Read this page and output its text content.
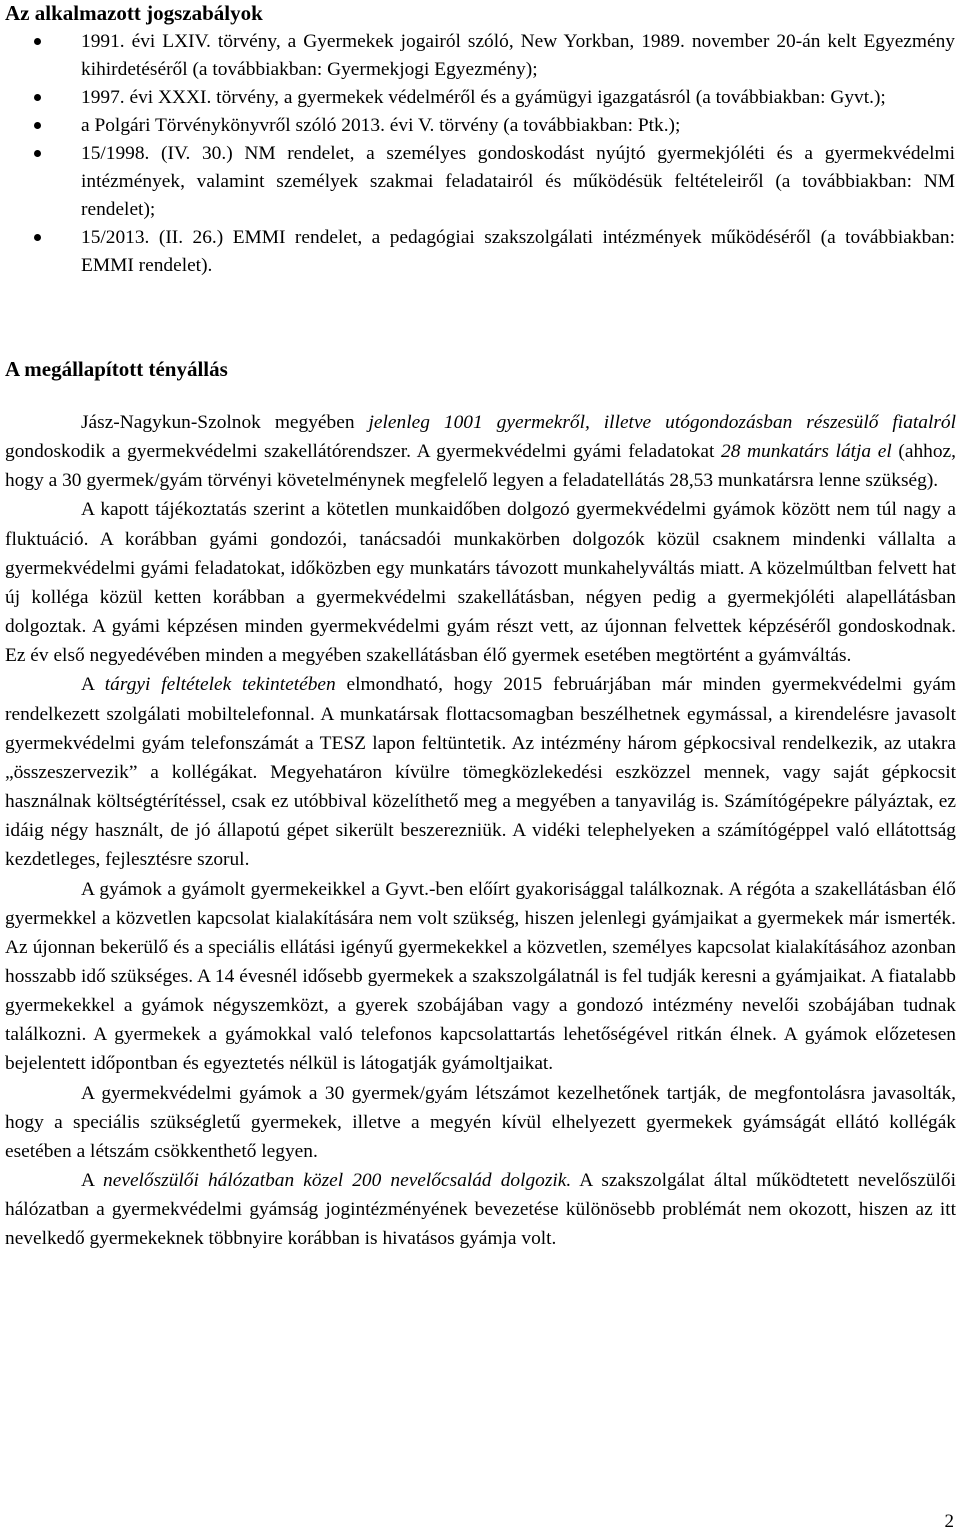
Az alkalmazott jogszabályok
1991. évi LXIV. törvény, a Gyermekek jogairól szóló, New Yorkban, 1989. november 20-án kelt Egyezmény kihirdetéséről (a továbbiakban: Gyermekjogi Egyezmény);
1997. évi XXXI. törvény, a gyermekek védelméről és a gyámügyi igazgatásról (a továbbiakban: Gyvt.);
a Polgári Törvénykönyvről szóló 2013. évi V. törvény (a továbbiakban: Ptk.);
15/1998. (IV. 30.) NM rendelet, a személyes gondoskodást nyújtó gyermekjóléti és a gyermekvédelmi intézmények, valamint személyek szakmai feladatairól és működésük feltételeiről (a továbbiakban: NM rendelet);
15/2013. (II. 26.) EMMI rendelet, a pedagógiai szakszolgálati intézmények működéséről (a továbbiakban: EMMI rendelet).
A megállapított tényállás

Jász-Nagykun-Szolnok megyében jelenleg 1001 gyermekről, illetve utógondozásban részesülő fiatalról gondoskodik a gyermekvédelmi szakellátórendszer. A gyermekvédelmi gyámi feladatokat 28 munkatárs látja el (ahhoz, hogy a 30 gyermek/gyám törvényi követelménynek megfelelő legyen a feladatellátás 28,53 munkatársra lenne szükség).

A kapott tájékoztatás szerint a kötetlen munkaidőben dolgozó gyermekvédelmi gyámok között nem túl nagy a fluktuáció. A korábban gyámi gondozói, tanácsadói munkakörben dolgozók közül csaknem mindenki vállalta a gyermekvédelmi gyámi feladatokat, időközben egy munkatárs távozott munkahelyváltás miatt. A közelmúltban felvett hat új kolléga közül ketten korábban a gyermekvédelmi szakellátásban, négyen pedig a gyermekjóléti alapellátásban dolgoztak. A gyámi képzésen minden gyermekvédelmi gyám részt vett, az újonnan felvettek képzéséről gondoskodnak. Ez év első negyedévében minden a megyében szakellátásban élő gyermek esetében megtörtént a gyámváltás.

A tárgyi feltételek tekintetében elmondható, hogy 2015 februárjában már minden gyermekvédelmi gyám rendelkezett szolgálati mobiltelefonnal. A munkatársak flottacsomagban beszélhetnek egymással, a kirendelésre javasolt gyermekvédelmi gyám telefonszámát a TESZ lapon feltüntetik. Az intézmény három gépkocsival rendelkezik, az utakra „összeszervezik” a kollégákat. Megyehatáron kívülre tömegközlekedési eszközzel mennek, vagy saját gépkocsit használnak költségtérítéssel, csak ez utóbbival közelíthető meg a megyében a tanyavilág is. Számítógépekre pályáztak, ez idáig négy használt, de jó állapotú gépet sikerült beszerezniük. A vidéki telephelyeken a számítógéppel való ellátottság kezdetleges, fejlesztésre szorul.

A gyámok a gyámolt gyermekeikkel a Gyvt.-ben előírt gyakorisággal találkoznak. A régóta a szakellátásban élő gyermekkel a közvetlen kapcsolat kialakítására nem volt szükség, hiszen jelenlegi gyámjaikat a gyermekek már ismerték. Az újonnan bekerülő és a speciális ellátási igényű gyermekekkel a közvetlen, személyes kapcsolat kialakításához azonban hosszabb idő szükséges. A 14 évesnél idősebb gyermekek a szakszolgálatnál is fel tudják keresni a gyámjaikat. A fiatalabb gyermekekkel a gyámok négyszemközt, a gyerek szobájában vagy a gondozó intézmény nevelői szobájában tudnak találkozni. A gyermekek a gyámokkal való telefonos kapcsolattartás lehetőségével ritkán élnek. A gyámok előzetesen bejelentett időpontban és egyeztetés nélkül is látogatják gyámoltjaikat.

A gyermekvédelmi gyámok a 30 gyermek/gyám létszámot kezelhetőnek tartják, de megfontolásra javasolták, hogy a speciális szükségletű gyermekek, illetve a megyén kívül elhelyezett gyermekek gyámságát ellátó kollégák esetében a létszám csökkenthető legyen.

A nevelőszülői hálózatban közel 200 nevelőcsalád dolgozik. A szakszolgálat által működtetett nevelőszülői hálózatban a gyermekvédelmi gyámság jogintézményének bevezetése különösebb problémát nem okozott, hiszen az itt nevelkedő gyermekeknek többnyire korábban is hivatásos gyámja volt.

2
